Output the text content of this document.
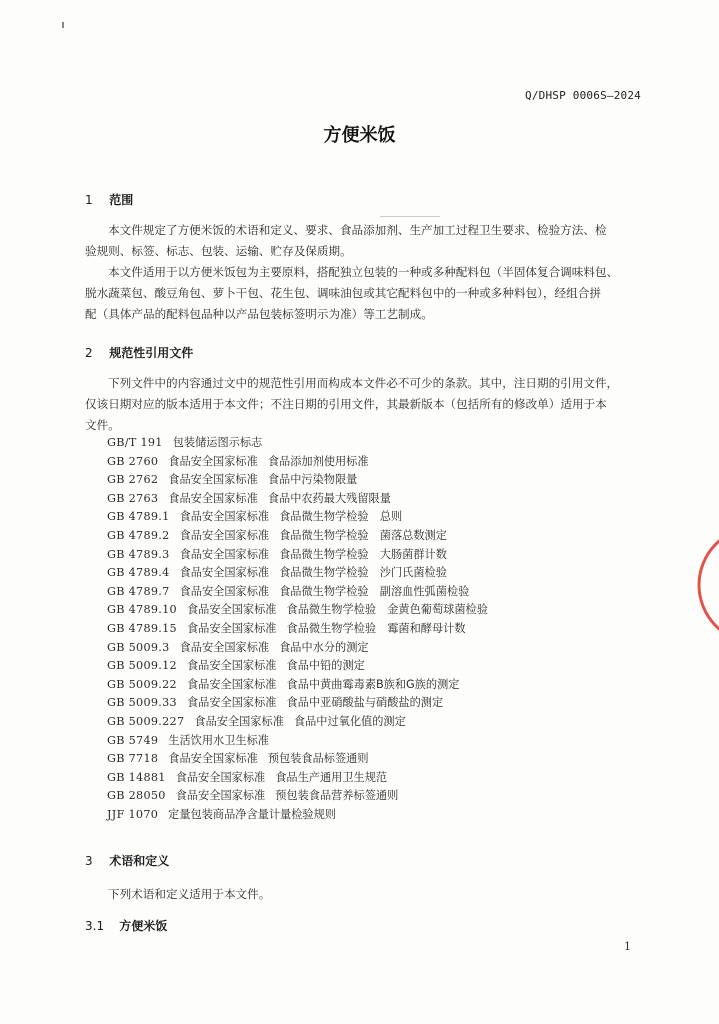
Q/DHSP 0006S—2024
方便米饭
1 范围
本文件规定了方便米饭的术语和定义、要求、食品添加剂、生产加工过程卫生要求、检验方法、检
验规则、标签、标志、包装、运输、贮存及保质期。
本文件适用于以方便米饭包为主要原料，搭配独立包装的一种或多种配料包（半固体复合调味料包、
脱水蔬菜包、酸豆角包、萝卜干包、花生包、调味油包或其它配料包中的一种或多种料包），经组合拼
配（具体产品的配料包品种以产品包装标签明示为准）等工艺制成。
2 规范性引用文件
下列文件中的内容通过文中的规范性引用而构成本文件必不可少的条款。其中，注日期的引用文件，
仅该日期对应的版本适用于本文件；不注日期的引用文件，其最新版本（包括所有的修改单）适用于本
文件。
GB/T 191 包装储运图示标志
GB 2760 食品安全国家标准 食品添加剂使用标准
GB 2762 食品安全国家标准 食品中污染物限量
GB 2763 食品安全国家标准 食品中农药最大残留限量
GB 4789.1 食品安全国家标准 食品微生物学检验　总则
GB 4789.2 食品安全国家标准 食品微生物学检验　菌落总数测定
GB 4789.3 食品安全国家标准 食品微生物学检验　大肠菌群计数
GB 4789.4 食品安全国家标准 食品微生物学检验　沙门氏菌检验
GB 4789.7 食品安全国家标准 食品微生物学检验　副溶血性弧菌检验
GB 4789.10 食品安全国家标准 食品微生物学检验　金黄色葡萄球菌检验
GB 4789.15 食品安全国家标准 食品微生物学检验　霉菌和酵母计数
GB 5009.3 食品安全国家标准 食品中水分的测定
GB 5009.12 食品安全国家标准 食品中铅的测定
GB 5009.22 食品安全国家标准 食品中黄曲霉毒素B族和G族的测定
GB 5009.33 食品安全国家标准 食品中亚硝酸盐与硝酸盐的测定
GB 5009.227 食品安全国家标准 食品中过氧化值的测定
GB 5749 生活饮用水卫生标准
GB 7718 食品安全国家标准 预包装食品标签通则
GB 14881 食品安全国家标准 食品生产通用卫生规范
GB 28050 食品安全国家标准 预包装食品营养标签通则
JJF 1070 定量包装商品净含量计量检验规则
3 术语和定义
下列术语和定义适用于本文件。
3.1 方便米饭
1
